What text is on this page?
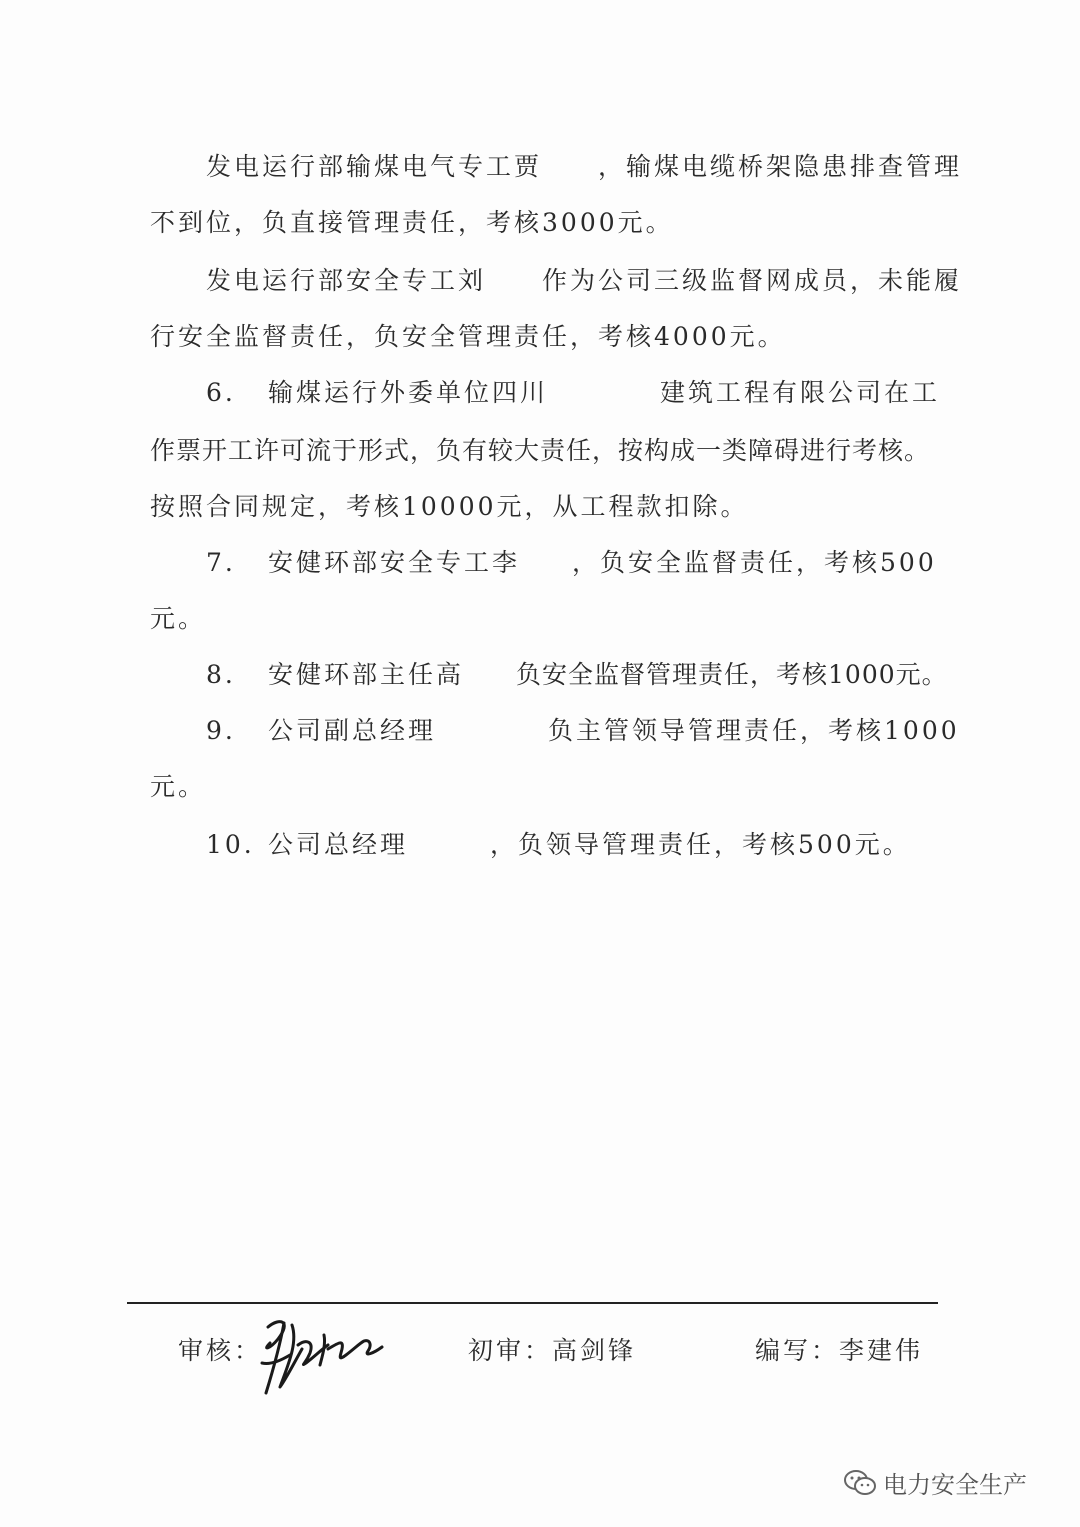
发电运行部输煤电气专工贾 ，输煤电缆桥架隐患排查管理
不到位，负直接管理责任，考核3000元。
发电运行部安全专工刘 作为公司三级监督网成员，未能履
行安全监督责任，负安全管理责任，考核4000元。
6. 输煤运行外委单位四川	建筑工程有限公司在工
作票开工许可流于形式，负有较大责任，按构成一类障碍进行考核。
按照合同规定，考核10000元，从工程款扣除。
7. 安健环部安全专工李 ，负安全监督责任，考核500
元。
8. 安健环部主任高 负安全监督管理责任，考核1000元。
9. 公司副总经理	负主管领导管理责任，考核1000
元。
10. 公司总经理	，负领导管理责任，考核500元。
审核：	初审：高剑锋	编写：李建伟
电力安全生产
